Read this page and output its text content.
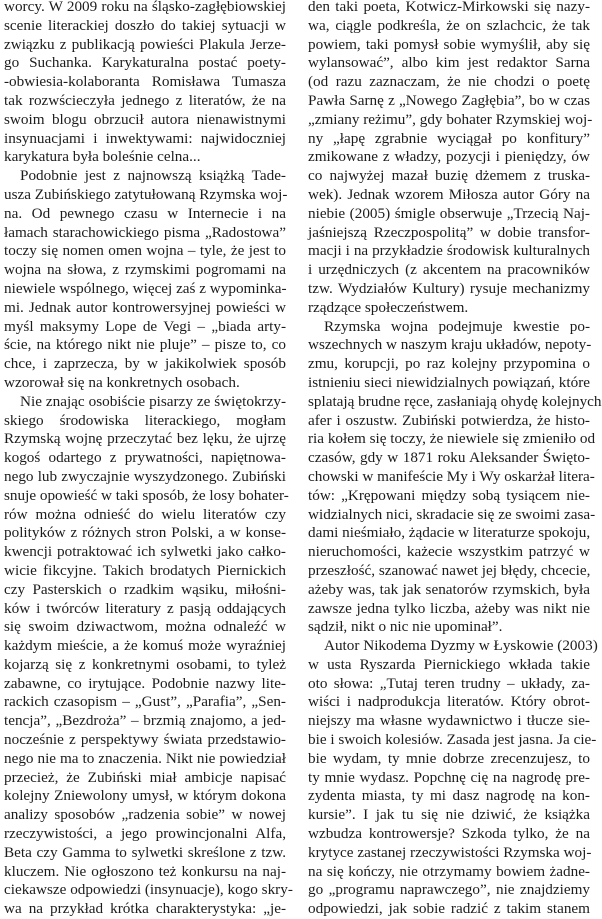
worcy. W 2009 roku na śląsko-zagłębiowskiej
scenie literackiej doszło do takiej sytuacji w
związku z publikacją powieści Plakula Jerze-
go Suchanka. Karykaturalna postać poety-
-obwiesia-kolaboranta Romisława Tumasza
tak rozwścieczyła jednego z literatów, że na
swoim blogu obrzucił autora nienawistnymi
insynuacjami i inwektywami: najwidoczniej
karykatura była boleśnie celna...
Podobnie jest z najnowszą książką Tade-
usza Zubińskiego zatytułowaną Rzymska woj-
na. Od pewnego czasu w Internecie i na
łamach starachowickiego pisma „Radostowa”
toczy się nomen omen wojna – tyle, że jest to
wojna na słowa, z rzymskimi pogromami na
niewiele wspólnego, więcej zaś z wypominka-
mi. Jednak autor kontrowersyjnej powieści w
myśl maksymy Lope de Vegi – „biada arty-
ście, na którego nikt nie pluje” – pisze to, co
chce, i zaprzecza, by w jakikolwiek sposób
wzorował się na konkretnych osobach.
Nie znając osobiście pisarzy ze świętokrzy-
skiego środowiska literackiego, mogłam
Rzymską wojnę przeczytać bez lęku, że ujrzę
kogoś odartego z prywatności, napiętnowa-
nego lub zwyczajnie wyszydzonego. Zubiński
snuje opowieść w taki sposób, że losy bohater-
rów można odnieść do wielu literatów czy
polityków z różnych stron Polski, a w konse-
kwencji potraktować ich sylwetki jako całko-
wicie fikcyjne. Takich brodatych Piernickich
czy Pasterskich o rzadkim wąsiku, miłośni-
ków i twórców literatury z pasją oddających
się swoim dziwactwom, można odnaleźć w
każdym mieście, a że komuś może wyraźniej
kojarzą się z konkretnymi osobami, to tyleż
zabawne, co irytujące. Podobnie nazwy lite-
rackich czasopism – „Gust”, „Parafia”, „Sen-
tencja”, „Bezdroża” – brzmią znajomo, a jed-
nocześnie z perspektywy świata przedstawio-
nego nie ma to znaczenia. Nikt nie powiedział
przecież, że Zubiński miał ambicje napisać
kolejny Zniewolony umysł, w którym dokona
analizy sposobów „radzenia sobie” w nowej
rzeczywistości, a jego prowincjonalni Alfa,
Beta czy Gamma to sylwetki skreślone z tzw.
kluczem. Nie ogłoszono też konkursu na naj-
ciekawsze odpowiedzi (insynuacje), kogo skry-
wa na przykład krótka charakterystyka: „je-
den taki poeta, Kotwicz-Mirkowski się nazy-
wa, ciągle podkreśla, że on szlachcic, że tak
powiem, taki pomysł sobie wymyślił, aby się
wylansować”, albo kim jest redaktor Sarna
(od razu zaznaczam, że nie chodzi o poetę
Pawła Sarnę z „Nowego Zagłębia”, bo w czas
„zmiany reżimu”, gdy bohater Rzymskiej woj-
ny „łapę zgrabnie wyciągał po konfitury”
zmikowane z władzy, pozycji i pieniędzy, ów
co najwyżej mazał buzię dżemem z truska-
wek). Jednak wzorem Miłosza autor Góry na
niebie (2005) śmigle obserwuje „Trzecią Naj-
jaśniejszą Rzeczpospolitą” w dobie transfor-
macji i na przykładzie środowisk kulturalnych
i urzędniczych (z akcentem na pracowników
tzw. Wydziałów Kultury) rysuje mechanizmy
rządzące społeczeństwem.
Rzymska wojna podejmuje kwestie po-
wszechnych w naszym kraju układów, nepoty-
zmu, korupcji, po raz kolejny przypomina o
istnieniu sieci niewidzialnych powiązań, które
splatają brudne ręce, zasłaniają ohydę kolejnych
afer i oszustw. Zubiński potwierdza, że histo-
ria kołem się toczy, że niewiele się zmieniło od
czasów, gdy w 1871 roku Aleksander Święto-
chowski w manifeście My i Wy oskarżał litera-
tów: „Krępowani między sobą tysiącem nie-
widzialnych nici, skradacie się ze swoimi zasa-
dami nieśmiało, żądacie w literaturze spokoju,
nieruchomości, każecie wszystkim patrzyć w
przeszłość, szanować nawet jej błędy, chcecie,
ażeby was, tak jak senatorów rzymskich, była
zawsze jedna tylko liczba, ażeby was nikt nie
sądził, nikt o nic nie upominał”.
Autor Nikodema Dyzmy w Łyskowie (2003)
w usta Ryszarda Piernickiego wkłada takie
oto słowa: „Tutaj teren trudny – układy, za-
wiści i nadprodukcja literatów. Który obrot-
niejszy ma własne wydawnictwo i tłucze sie-
bie i swoich kolesiów. Zasada jest jasna. Ja cie-
bie wydam, ty mnie dobrze zrecenzujesz, to
ty mnie wydasz. Popchnę cię na nagrodę pre-
zydenta miasta, ty mi dasz nagrodę na kon-
kursie”. I jak tu się nie dziwić, że książka
wzbudza kontrowersje? Szkoda tylko, że na
krytyce zastanej rzeczywistości Rzymska woj-
na się kończy, nie otrzymamy bowiem żadne-
go „programu naprawczego”, nie znajdziemy
odpowiedzi, jak sobie radzić z takim stanem
